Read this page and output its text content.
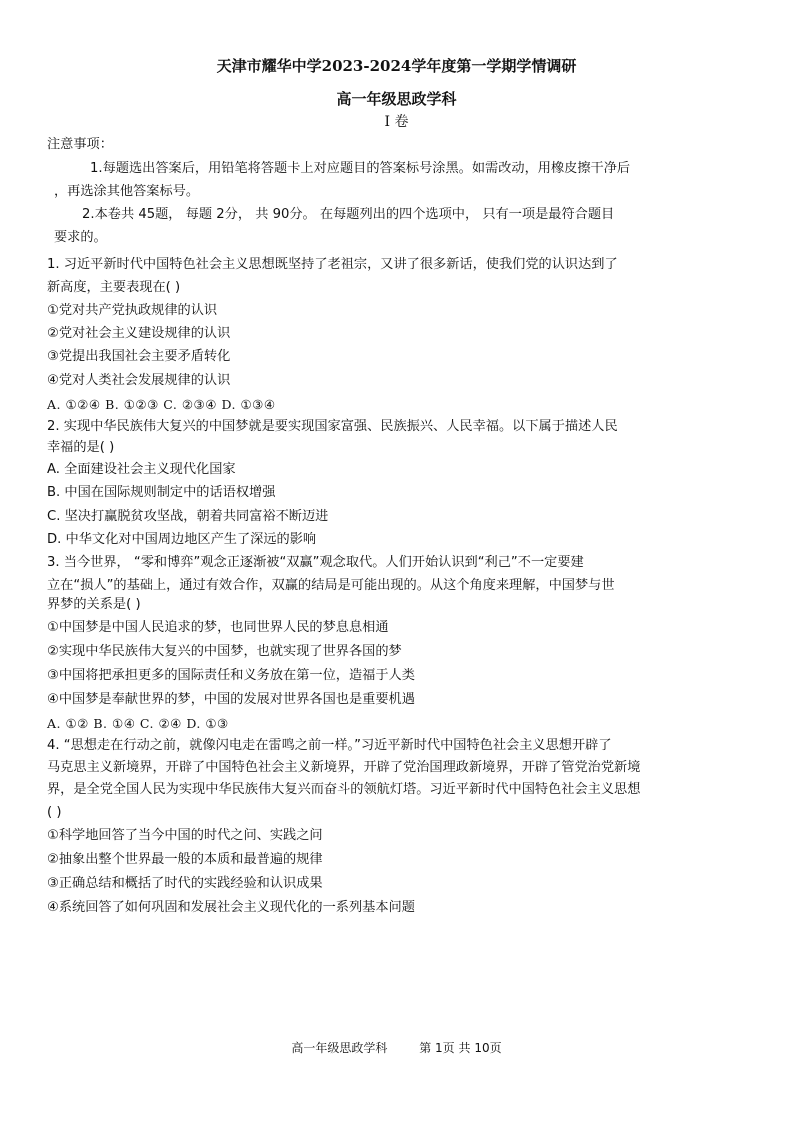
天津市耀华中学2023-2024学年度第一学期学情调研
高一年级思政学科
Ⅰ 卷
注意事项：
1.每题选出答案后，用铅笔将答题卡上对应题目的答案标号涂黑。如需改动，用橡皮擦干净后
，再选涂其他答案标号。
2.本卷共 45题， 每题 2分， 共 90分。 在每题列出的四个选项中， 只有一项是最符合题目
要求的。
1. 习近平新时代中国特色社会主义思想既坚持了老祖宗，又讲了很多新话，使我们党的认识达到了
新高度，主要表现在( )
①党对共产党执政规律的认识
②党对社会主义建设规律的认识
③党提出我国社会主要矛盾转化
④党对人类社会发展规律的认识
A. ①②④ B. ①②③ C. ②③④ D. ①③④
2. 实现中华民族伟大复兴的中国梦就是要实现国家富强、民族振兴、人民幸福。以下属于描述人民
幸福的是( )
A. 全面建设社会主义现代化国家
B. 中国在国际规则制定中的话语权增强
C. 坚决打赢脱贫攻坚战，朝着共同富裕不断迈进
D. 中华文化对中国周边地区产生了深远的影响
3. 当今世界， “零和博弈”观念正逐渐被“双赢”观念取代。人们开始认识到“利己”不一定要建
立在“损人”的基础上，通过有效合作，双赢的结局是可能出现的。从这个角度来理解，中国梦与世
界梦的关系是( )
①中国梦是中国人民追求的梦，也同世界人民的梦息息相通
②实现中华民族伟大复兴的中国梦，也就实现了世界各国的梦
③中国将把承担更多的国际责任和义务放在第一位，造福于人类
④中国梦是奉献世界的梦，中国的发展对世界各国也是重要机遇
A. ①② B. ①④ C. ②④ D. ①③
4. “思想走在行动之前，就像闪电走在雷鸣之前一样。”习近平新时代中国特色社会主义思想开辟了
马克思主义新境界，开辟了中国特色社会主义新境界，开辟了党治国理政新境界，开辟了管党治党新境
界，是全党全国人民为实现中华民族伟大复兴而奋斗的领航灯塔。习近平新时代中国特色社会主义思想
( )
①科学地回答了当今中国的时代之问、实践之问
②抽象出整个世界最一般的本质和最普遍的规律
③正确总结和概括了时代的实践经验和认识成果
④系统回答了如何巩固和发展社会主义现代化的一系列基本问题
高一年级思政学科	第 1页 共 10页
